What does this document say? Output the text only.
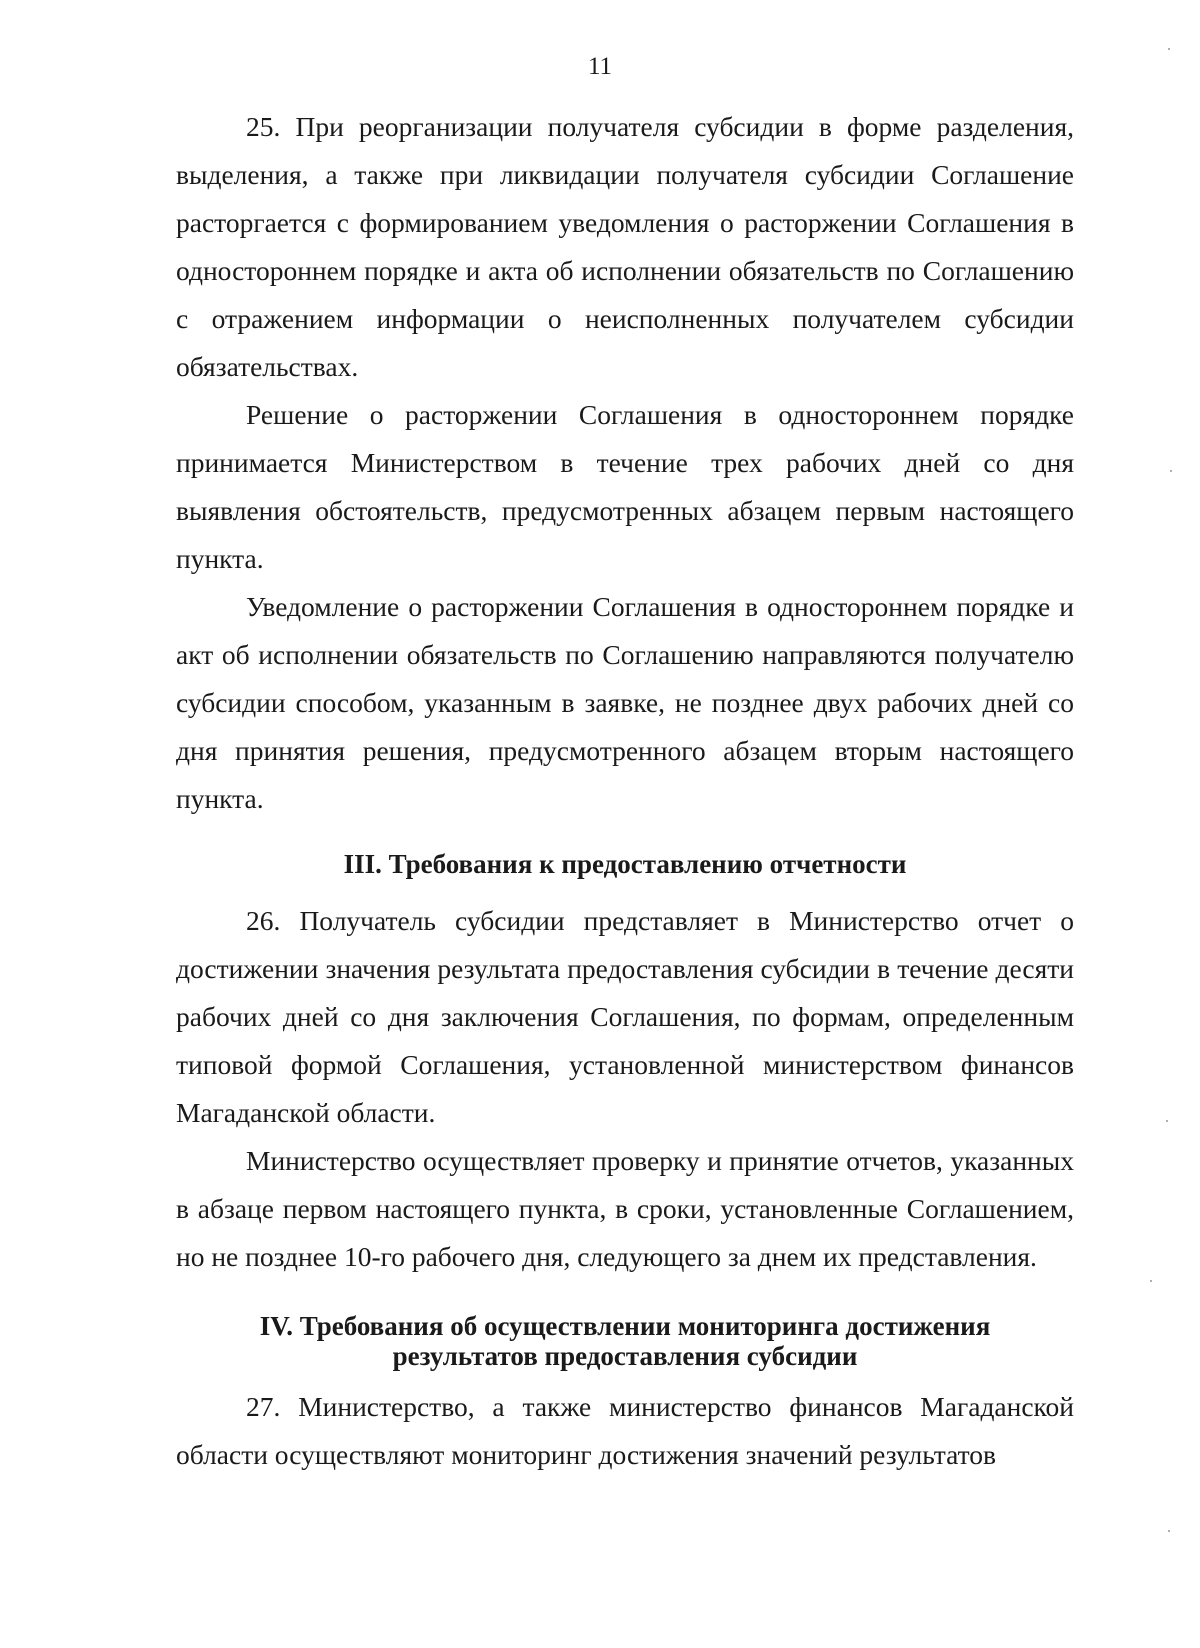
11

25. При реорганизации получателя субсидии в форме разделения, выделения, а также при ликвидации получателя субсидии Соглашение расторгается с формированием уведомления о расторжении Соглашения в одностороннем порядке и акта об исполнении обязательств по Соглашению с отражением информации о неисполненных получателем субсидии обязательствах.

Решение о расторжении Соглашения в одностороннем порядке принимается Министерством в течение трех рабочих дней со дня выявления обстоятельств, предусмотренных абзацем первым настоящего пункта.

Уведомление о расторжении Соглашения в одностороннем порядке и акт об исполнении обязательств по Соглашению направляются получателю субсидии способом, указанным в заявке, не позднее двух рабочих дней со дня принятия решения, предусмотренного абзацем вторым настоящего пункта.

III. Требования к предоставлению отчетности

26. Получатель субсидии представляет в Министерство отчет о достижении значения результата предоставления субсидии в течение десяти рабочих дней со дня заключения Соглашения, по формам, определенным типовой формой Соглашения, установленной министерством финансов Магаданской области.

Министерство осуществляет проверку и принятие отчетов, указанных в абзаце первом настоящего пункта, в сроки, установленные Соглашением, но не позднее 10-го рабочего дня, следующего за днем их представления.

IV. Требования об осуществлении мониторинга достижения
результатов предоставления субсидии

27. Министерство, а также министерство финансов Магаданской области осуществляют мониторинг достижения значений результатов
